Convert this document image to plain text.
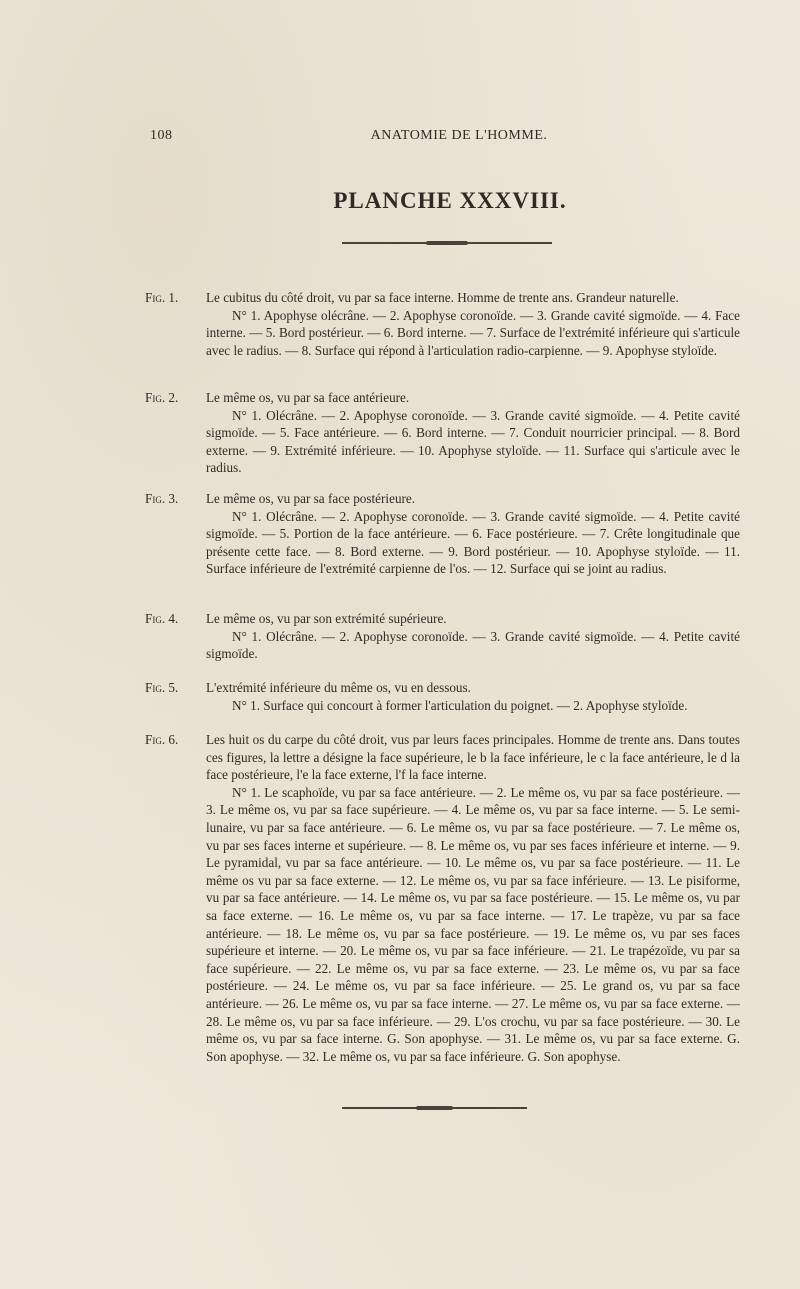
108	ANATOMIE DE L'HOMME.
PLANCHE XXXVIII.
Fig. 1.	Le cubitus du côté droit, vu par sa face interne. Homme de trente ans. Grandeur naturelle.

N° 1. Apophyse olécrâne. — 2. Apophyse coronoïde. — 3. Grande cavité sigmoïde. — 4. Face interne. — 5. Bord postérieur. — 6. Bord interne. — 7. Surface de l'extrémité inférieure qui s'articule avec le radius. — 8. Surface qui répond à l'articulation radio-carpienne. — 9. Apophyse styloïde.

Fig. 2.	Le même os, vu par sa face antérieure.

N° 1. Olécrâne. — 2. Apophyse coronoïde. — 3. Grande cavité sigmoïde. — 4. Petite cavité sigmoïde. — 5. Face antérieure. — 6. Bord interne. — 7. Conduit nourricier principal. — 8. Bord externe. — 9. Extrémité inférieure. — 10. Apophyse styloïde. — 11. Surface qui s'articule avec le radius.

Fig. 3.	Le même os, vu par sa face postérieure.

N° 1. Olécrâne. — 2. Apophyse coronoïde. — 3. Grande cavité sigmoïde. — 4. Petite cavité sigmoïde. — 5. Portion de la face antérieure. — 6. Face postérieure. — 7. Crête longitudinale que présente cette face. — 8. Bord externe. — 9. Bord postérieur. — 10. Apophyse styloïde. — 11. Surface inférieure de l'extrémité carpienne de l'os. — 12. Surface qui se joint au radius.

Fig. 4.	Le même os, vu par son extrémité supérieure.

N° 1. Olécrâne. — 2. Apophyse coronoïde. — 3. Grande cavité sigmoïde. — 4. Petite cavité sigmoïde.

Fig. 5.	L'extrémité inférieure du même os, vu en dessous.

N° 1. Surface qui concourt à former l'articulation du poignet. — 2. Apophyse styloïde.

Fig. 6.	Les huit os du carpe du côté droit, vus par leurs faces principales. Homme de trente ans. Dans toutes ces figures, la lettre a désigne la face supérieure, le b la face inférieure, le c la face antérieure, le d la face postérieure, l'e la face externe, l'f la face interne.

N° 1. Le scaphoïde, vu par sa face antérieure. — 2. Le même os, vu par sa face postérieure. — 3. Le même os, vu par sa face supérieure. — 4. Le même os, vu par sa face interne. — 5. Le semi-lunaire, vu par sa face antérieure. — 6. Le même os, vu par sa face postérieure. — 7. Le même os, vu par ses faces interne et supérieure. — 8. Le même os, vu par ses faces inférieure et interne. — 9. Le pyramidal, vu par sa face antérieure. — 10. Le même os, vu par sa face postérieure. — 11. Le même os vu par sa face externe. — 12. Le même os, vu par sa face inférieure. — 13. Le pisiforme, vu par sa face antérieure. — 14. Le même os, vu par sa face postérieure. — 15. Le même os, vu par sa face externe. — 16. Le même os, vu par sa face interne. — 17. Le trapèze, vu par sa face antérieure. — 18. Le même os, vu par sa face postérieure. — 19. Le même os, vu par ses faces supérieure et interne. — 20. Le même os, vu par sa face inférieure. — 21. Le trapézoïde, vu par sa face supérieure. — 22. Le même os, vu par sa face externe. — 23. Le même os, vu par sa face postérieure. — 24. Le même os, vu par sa face inférieure. — 25. Le grand os, vu par sa face antérieure. — 26. Le même os, vu par sa face interne. — 27. Le même os, vu par sa face externe. — 28. Le même os, vu par sa face inférieure. — 29. L'os crochu, vu par sa face postérieure. — 30. Le même os, vu par sa face interne. G. Son apophyse. — 31. Le même os, vu par sa face externe. G. Son apophyse. — 32. Le même os, vu par sa face inférieure. G. Son apophyse.
